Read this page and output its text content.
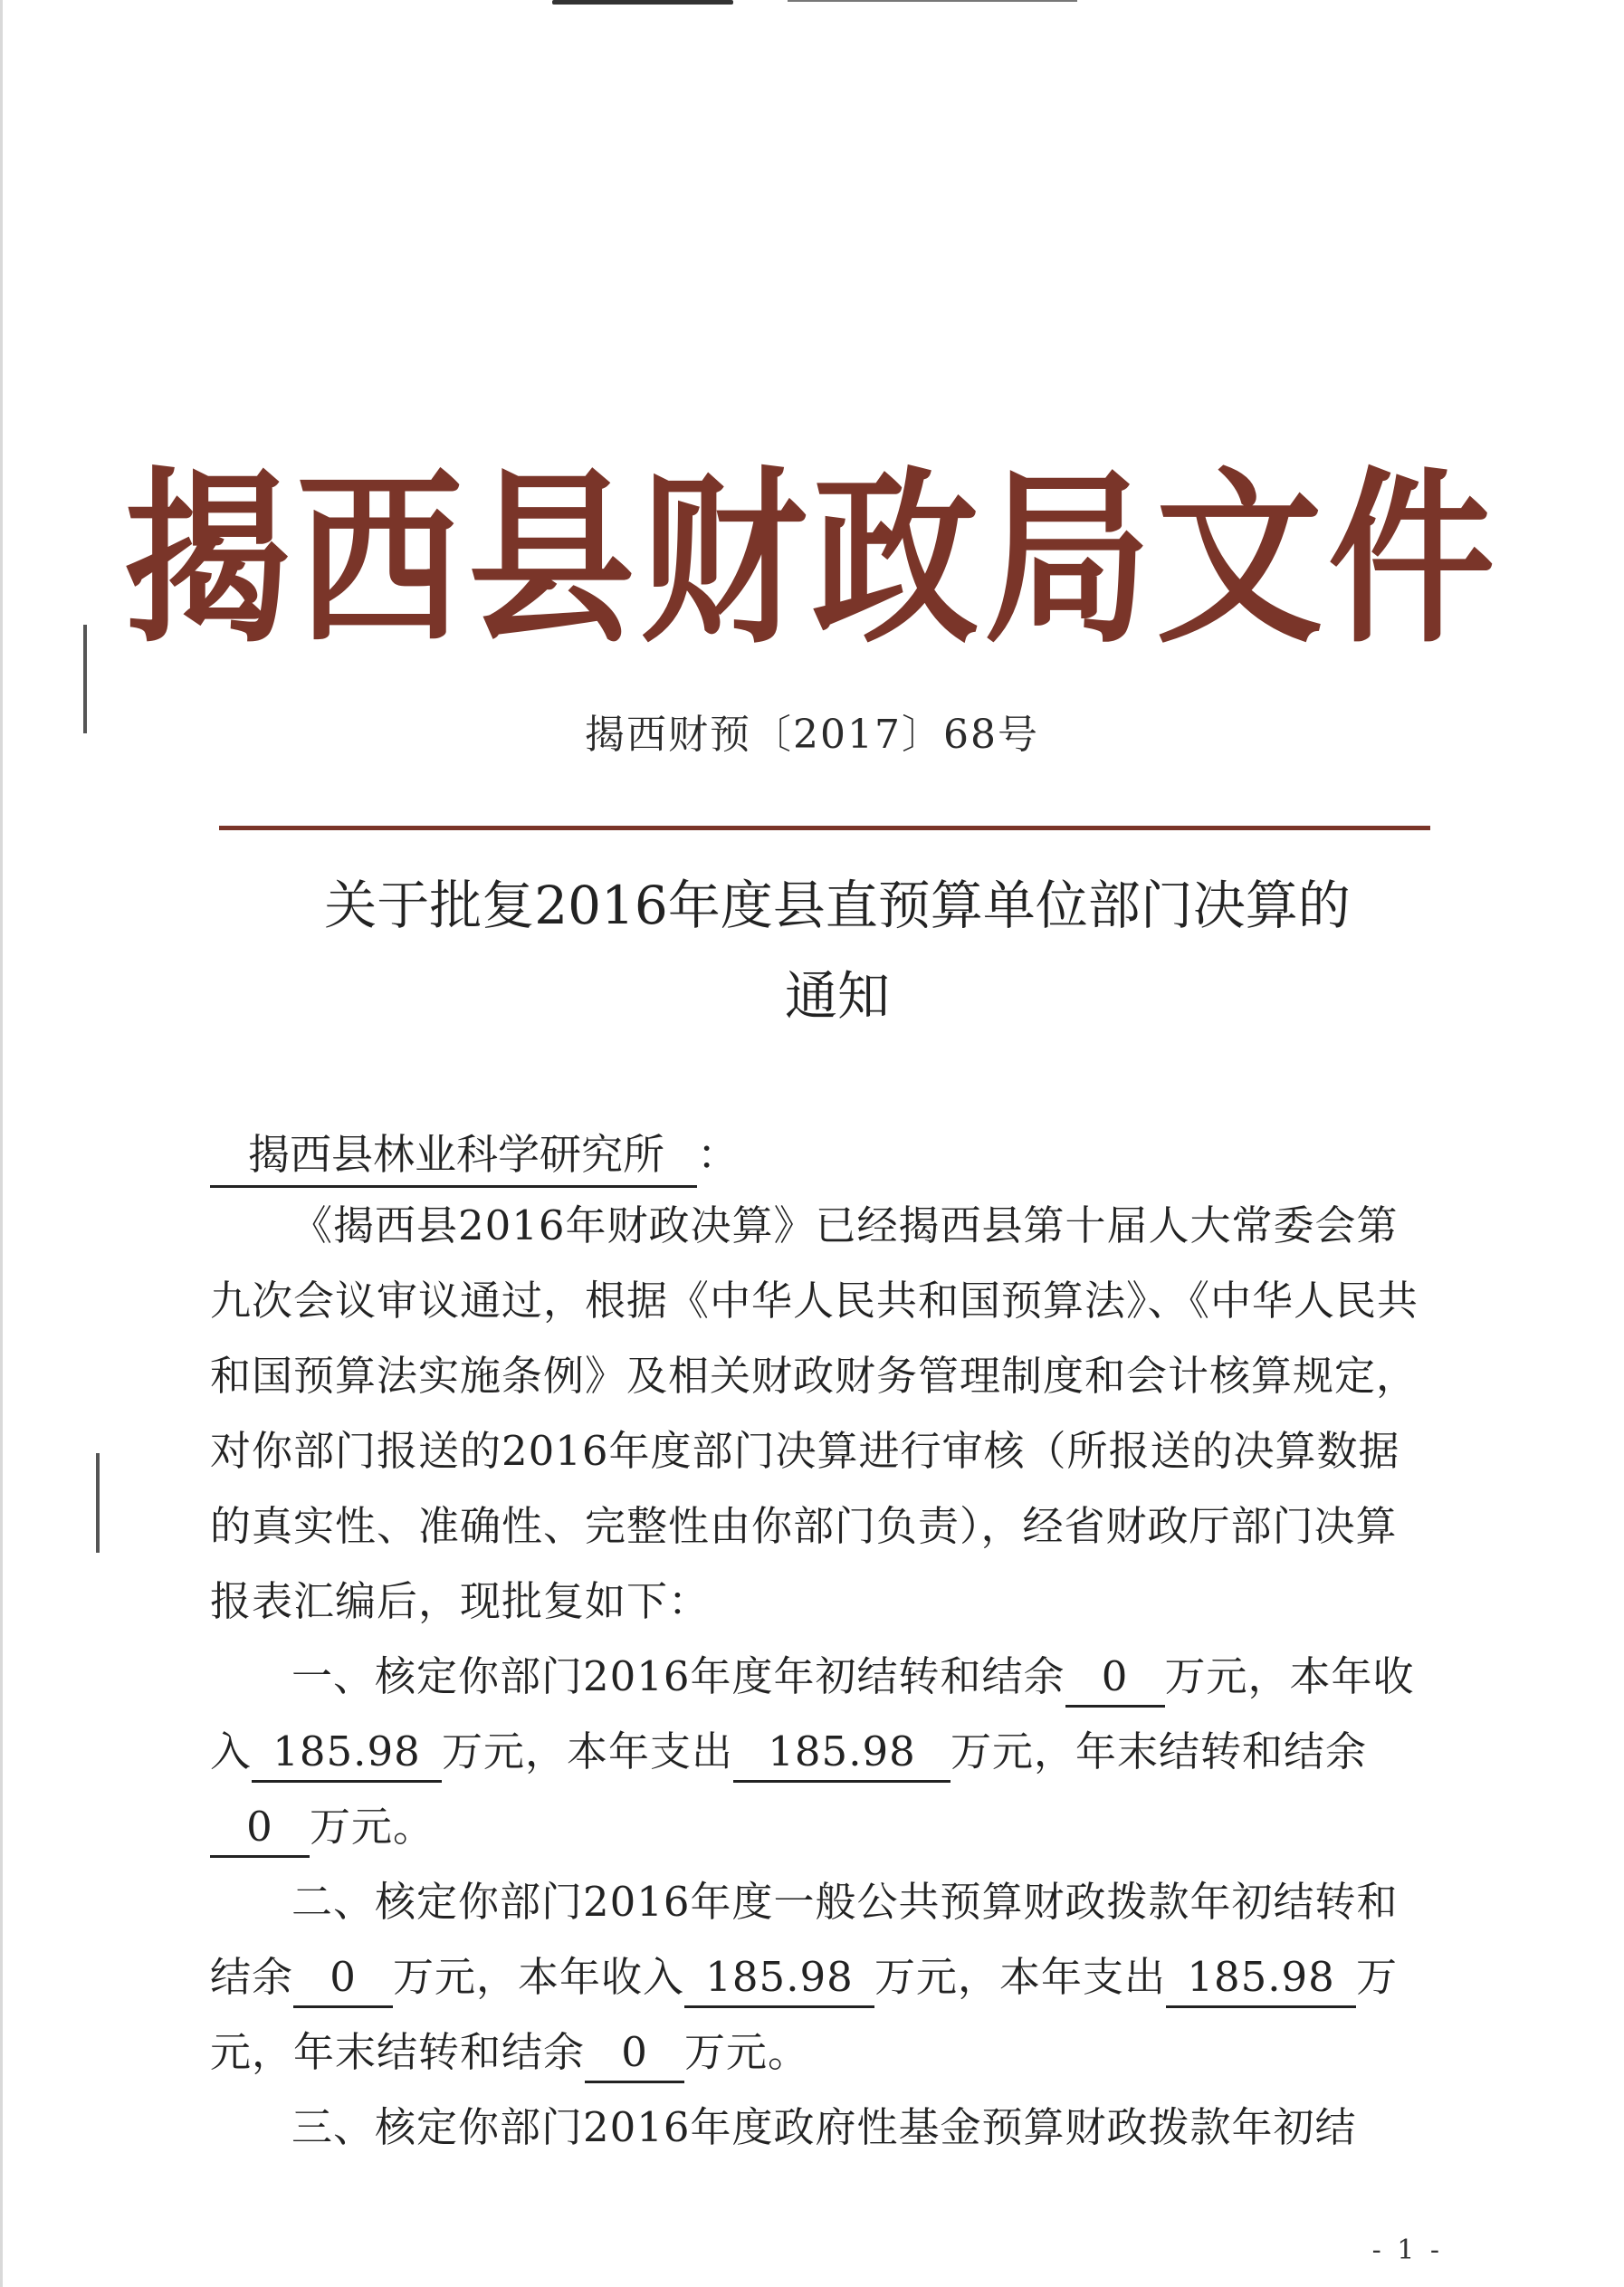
揭西县财政局文件
揭西财预〔2017〕68号
关于批复2016年度县直预算单位部门决算的
通知
揭西县林业科学研究所 ：

《揭西县2016年财政决算》已经揭西县第十届人大常委会第九次会议审议通过，根据《中华人民共和国预算法》、《中华人民共和国预算法实施条例》及相关财政财务管理制度和会计核算规定，对你部门报送的2016年度部门决算进行审核（所报送的决算数据的真实性、准确性、完整性由你部门负责），经省财政厅部门决算报表汇编后，现批复如下：

一、核定你部门2016年度年初结转和结余 0 万元，本年收入 185.98 万元，本年支出 185.98 万元，年末结转和结余0 万元。

二、核定你部门2016年度一般公共预算财政拨款年初结转和结余 0 万元，本年收入 185.98 万元，本年支出 185.98 万元，年末结转和结余 0 万元。

三、核定你部门2016年度政府性基金预算财政拨款年初结

- 1 -
